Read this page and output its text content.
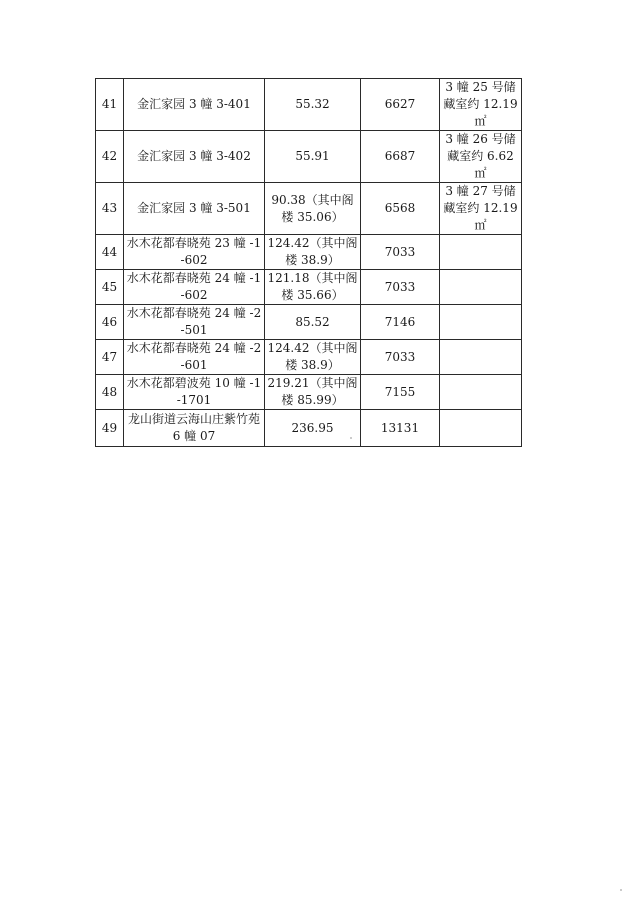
41	金汇家园 3 幢 3-401	55.32	6627	3 幢 25 号储藏室约 12.19 ㎡
42	金汇家园 3 幢 3-402	55.91	6687	3 幢 26 号储藏室约 6.62 ㎡
43	金汇家园 3 幢 3-501	90.38（其中阁楼 35.06）	6568	3 幢 27 号储藏室约 12.19 ㎡
44	水木花都春晓苑 23 幢 -1-602	124.42（其中阁楼 38.9）	7033	
45	水木花都春晓苑 24 幢 -1-602	121.18（其中阁楼 35.66）	7033	
46	水木花都春晓苑 24 幢 -2-501	85.52	7146	
47	水木花都春晓苑 24 幢 -2-601	124.42（其中阁楼 38.9）	7033	
48	水木花都碧波苑 10 幢 -1-1701	219.21（其中阁楼 85.99）	7155	
49	龙山街道云海山庄紫竹苑 6 幢 07	236.95	13131	
